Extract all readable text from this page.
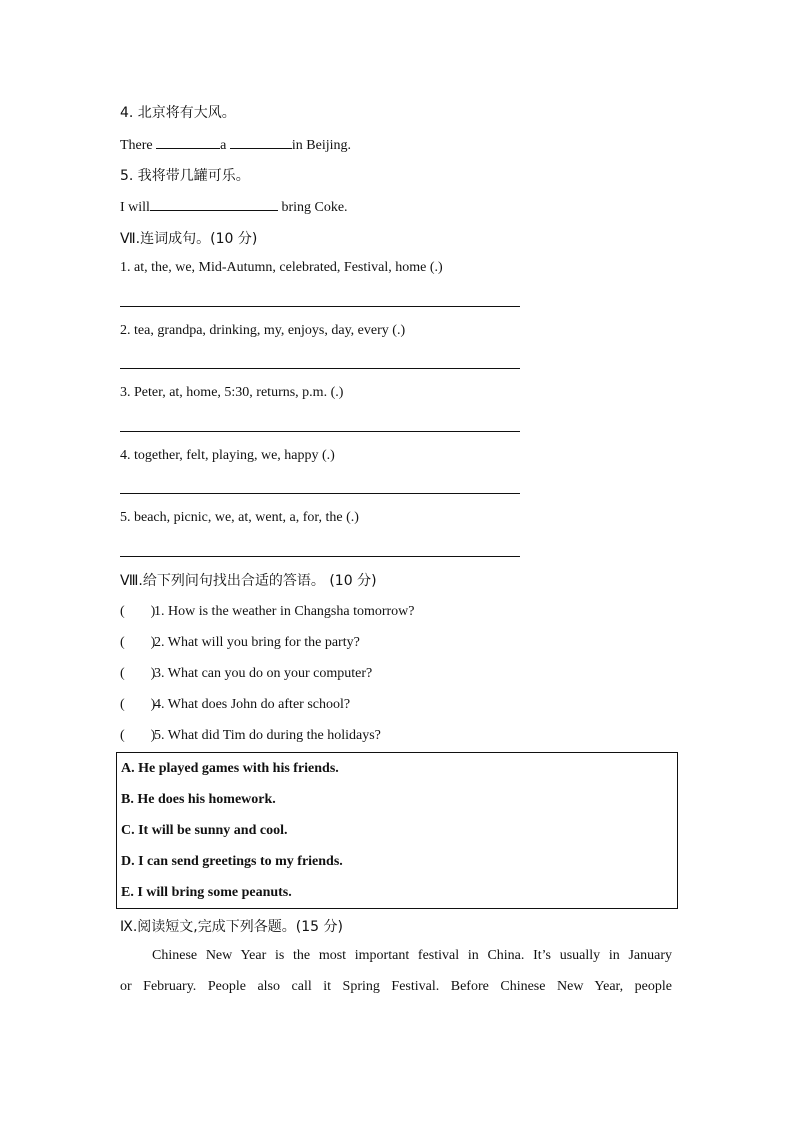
4. 北京将有大风。
There	a	in Beijing.
5. 我将带几罐可乐。
I will	bring Coke.
Ⅶ.连词成句。(10 分)
1. at, the, we, Mid-Autumn, celebrated, Festival, home (.)
2. tea, grandpa, drinking, my, enjoys, day, every (.)
3. Peter, at, home, 5:30, returns, p.m. (.)
4. together, felt, playing, we, happy (.)
5. beach, picnic, we, at, went, a, for, the (.)
Ⅷ.给下列问句找出合适的答语。 (10 分)
( )1. How is the weather in Changsha tomorrow?
( )2. What will you bring for the party?
( )3. What can you do on your computer?
( )4. What does John do after school?
( )5. What did Tim do during the holidays?
A. He played games with his friends.
B. He does his homework.
C. It will be sunny and cool.
D. I can send greetings to my friends.
E. I will bring some peanuts.
Ⅸ.阅读短文,完成下列各题。(15 分)
Chinese New Year is the most important festival in China. It’s usually in January
or February. People also call it Spring Festival. Before Chinese New Year, people
